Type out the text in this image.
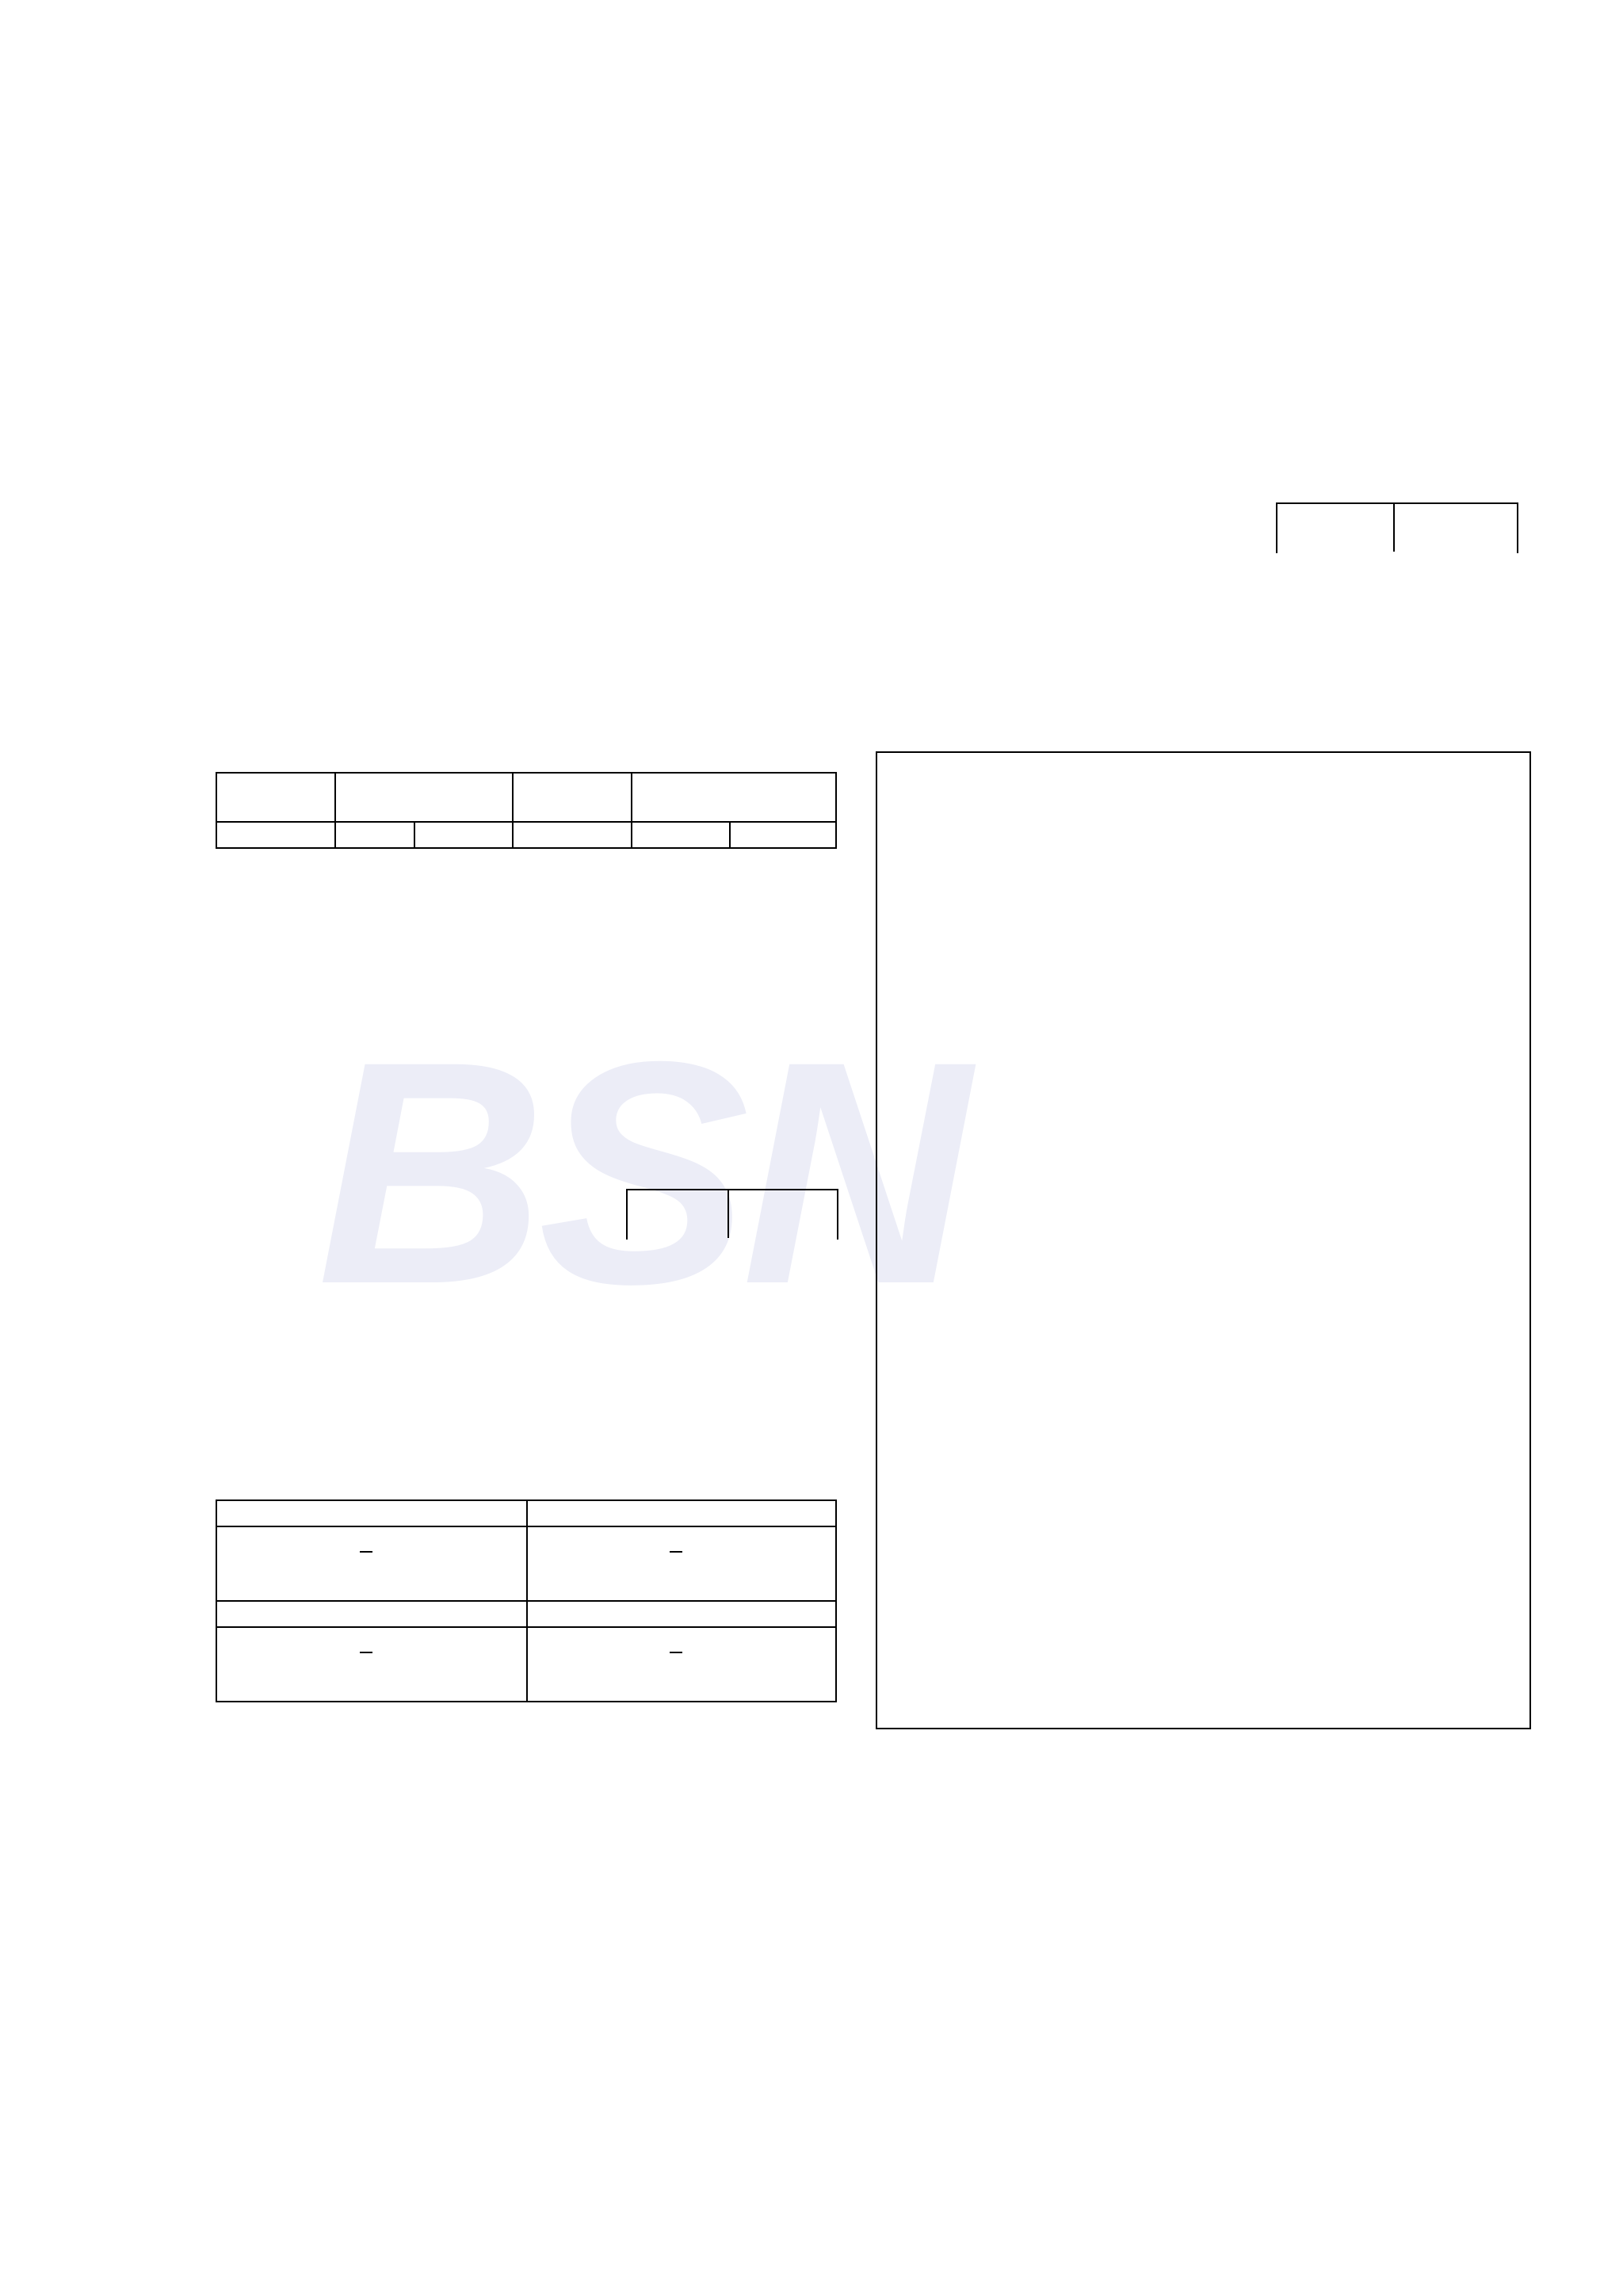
BSN
